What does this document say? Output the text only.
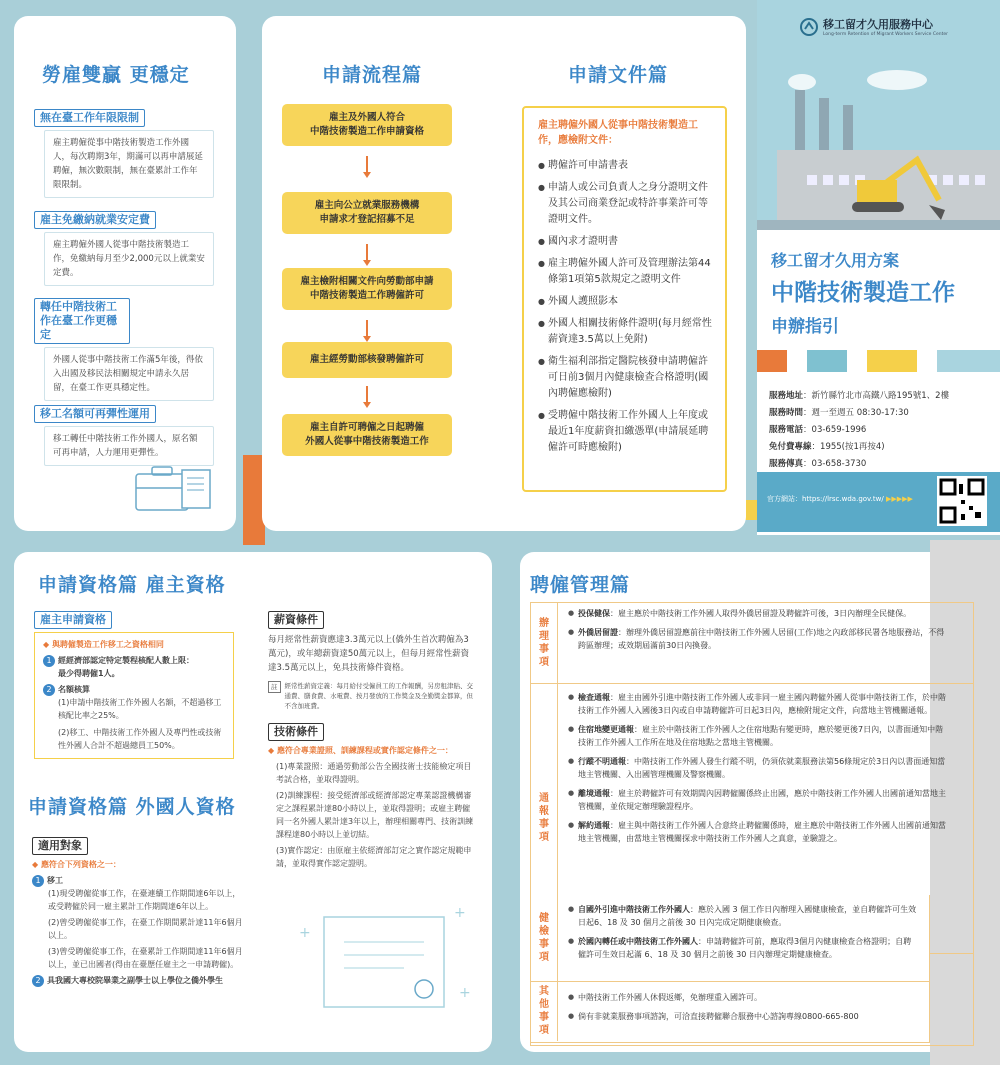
勞雇雙贏 更穩定
無在臺工作年限限制
雇主聘僱從事中階技術製造工作外國人，每次聘期3年，期滿可以再申請展延聘僱，無次數限制，無在臺累計工作年限限制。
雇主免繳納就業安定費
雇主聘僱外國人從事中階技術製造工作，免繳納每月至少2,000元以上就業安定費。
轉任中階技術工作在臺工作更穩定
外國人從事中階技術工作滿5年後，得依入出國及移民法相關規定申請永久居留，在臺工作更具穩定性。
移工名額可再彈性運用
移工轉任中階技術工作外國人，原名額可再申請，人力運用更彈性。
申請流程篇
雇主及外國人符合
中階技術製造工作申請資格
雇主向公立就業服務機構
申請求才登記招募不足
雇主檢附相關文件向勞動部申請
中階技術製造工作聘僱許可
雇主經勞動部核發聘僱許可
雇主自許可聘僱之日起聘僱
外國人從事中階技術製造工作
申請文件篇
雇主聘僱外國人從事中階技術製造工作，應檢附文件：
● 聘僱許可申請書表
● 申請人或公司負責人之身分證明文件及其公司商業登記或特許事業許可等證明文件。
● 國內求才證明書
● 雇主聘僱外國人許可及管理辦法第44條第1項第5款規定之證明文件
● 外國人護照影本
● 外國人相關技術條件證明(每月經常性薪資達3.5萬以上免附)
● 衛生福利部指定醫院核發申請聘僱許可日前3個月內健康檢查合格證明(國內聘僱應檢附)
● 受聘僱中階技術工作外國人上年度或最近1年度薪資扣繳憑單(申請展延聘僱許可時應檢附)
移工留才久用服務中心
Long-term Retention of Migrant Workers Service Center
移工留才久用方案
中階技術製造工作
申辦指引
服務地址：新竹縣竹北市高鐵八路195號1、2樓
服務時間：週一至週五 08:30-17:30
服務電話：03-659-1996
免付費專線：1955(按1再按4)
服務傳真：03-658-3730
官方網站：https://lrsc.wda.gov.tw/ ▶▶▶▶▶
申請資格篇 雇主資格
雇主申請資格
◆ 與聘僱製造工作移工之資格相同
1 經經濟部認定特定製程核配人數上限：
最少得聘僱1人。
2 名額核算
(1)申請中階技術工作外國人名額，不超過移工核配比率之25%。
(2)移工、中階技術工作外國人及專門性或技術性外國人合計不超過總員工50%。
申請資格篇 外國人資格
適用對象
◆ 應符合下列資格之一：
1 移工
(1)現受聘僱從事工作，在臺連續工作期間達6年以上，或受聘僱於同一雇主累計工作期間達6年以上。
(2)曾受聘僱從事工作，在臺工作期間累計達11年6個月以上。
(3)曾受聘僱從事工作，在臺累計工作期間達11年6個月以上，並已出國者(得由在臺歷任雇主之一申請聘僱)。
2 具我國大專校院畢業之副學士以上學位之僑外學生
薪資條件
每月經常性薪資應達3.3萬元以上(僑外生首次聘僱為3萬元)，或年總薪資達50萬元以上，但每月經常性薪資達3.5萬元以上，免具技術條件資格。
註	經常性薪資定義：每月給付受僱員工的工作報酬，另房租津貼、交通費、膳食費、水電費、按月發放的工作獎金及全勤獎金都算，但不含加班費。
技術條件
◆ 應符合專業證照、訓練課程或實作認定條件之一：
(1)專業證照：通過勞動部公告全國技術士技能檢定項目考試合格，並取得證明。
(2)訓練課程：接受經濟部或經濟部認定專業認證機構審定之課程累計達80小時以上，並取得證明；或雇主聘僱同一名外國人累計達3年以上，辦理相關專門、技術訓練課程達80小時以上並切結。
(3)實作認定：由原雇主依經濟部訂定之實作認定規範申請，並取得實作認定證明。
+
+
+
聘僱管理篇
辦理事項

● 投保健保：雇主應於中階技術工作外國人取得外僑居留證及聘僱許可後，3日內辦理全民健保。

● 外僑居留證：辦理外僑居留證應前往中階技術工作外國人居留(工作)地之內政部移民署各地服務站，不得跨區辦理；或效期屆滿前30日內換發。

通報事項

● 檢查通報：雇主由國外引進中階技術工作外國人或非同一雇主國內聘僱外國人從事中階技術工作，於中階技術工作外國人入國後3日內或自申請聘僱許可日起3日內，應檢附規定文件，向當地主管機關通報。

● 住宿地變更通報：雇主於中階技術工作外國人之住宿地點有變更時，應於變更後7日內，以書面通知中階技術工作外國人工作所在地及住宿地點之當地主管機關。

● 行蹤不明通報：中階技術工作外國人發生行蹤不明，仍須依就業服務法第56條規定於3日內以書面通知當地主管機關、入出國管理機關及警察機關。

● 離境通報：雇主於聘僱許可有效期間內因聘僱關係終止出國，應於中階技術工作外國人出國前通知當地主管機關，並依規定辦理驗證程序。

● 解約通報：雇主與中階技術工作外國人合意終止聘僱關係時，雇主應於中階技術工作外國人出國前通知當地主管機關，由當地主管機關探求中階技術工作外國人之真意，並驗證之。

健檢事項

● 自國外引進中階技術工作外國人：應於入國 3 個工作日內辦理入國健康檢查，並自聘僱許可生效日起6、18 及 30 個月之前後 30 日內完成定期健康檢查。

● 於國內轉任或中階技術工作外國人：申請聘僱許可前，應取得3個月內健康檢查合格證明；自聘僱許可生效日起滿 6、18 及 30 個月之前後 30 日內辦理定期健康檢查。

其他事項

● 中階技術工作外國人休假返鄉，免辦理重入國許可。

● 倘有非就業服務事項諮詢，可洽直接聘僱聯合服務中心諮詢專線0800-665-800
